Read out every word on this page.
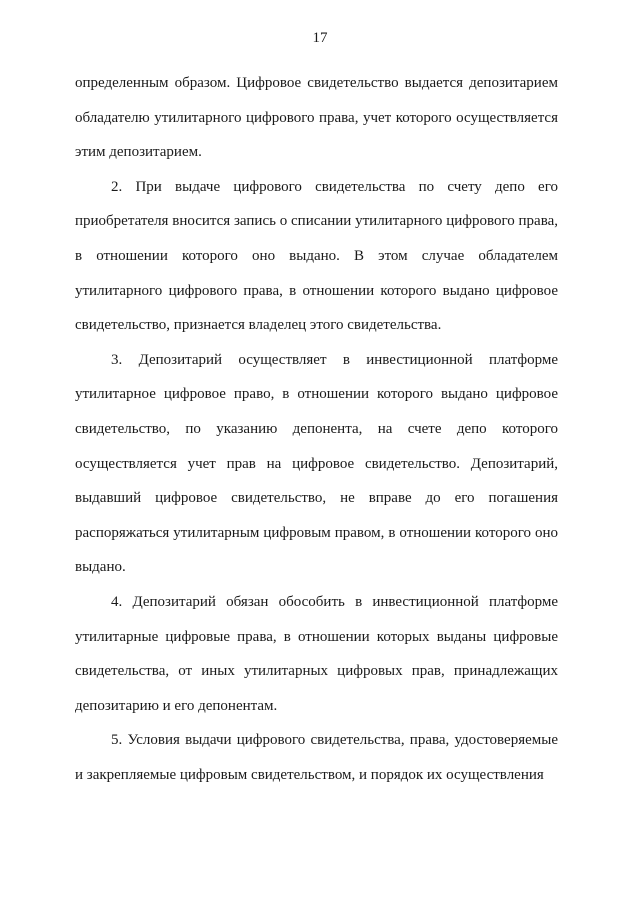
17

определенным образом. Цифровое свидетельство выдается депозитарием обладателю утилитарного цифрового права, учет которого осуществляется этим депозитарием.

2. При выдаче цифрового свидетельства по счету депо его приобретателя вносится запись о списании утилитарного цифрового права, в отношении которого оно выдано. В этом случае обладателем утилитарного цифрового права, в отношении которого выдано цифровое свидетельство, признается владелец этого свидетельства.

3. Депозитарий осуществляет в инвестиционной платформе утилитарное цифровое право, в отношении которого выдано цифровое свидетельство, по указанию депонента, на счете депо которого осуществляется учет прав на цифровое свидетельство. Депозитарий, выдавший цифровое свидетельство, не вправе до его погашения распоряжаться утилитарным цифровым правом, в отношении которого оно выдано.

4. Депозитарий обязан обособить в инвестиционной платформе утилитарные цифровые права, в отношении которых выданы цифровые свидетельства, от иных утилитарных цифровых прав, принадлежащих депозитарию и его депонентам.

5. Условия выдачи цифрового свидетельства, права, удостоверяемые и закрепляемые цифровым свидетельством, и порядок их осуществления
